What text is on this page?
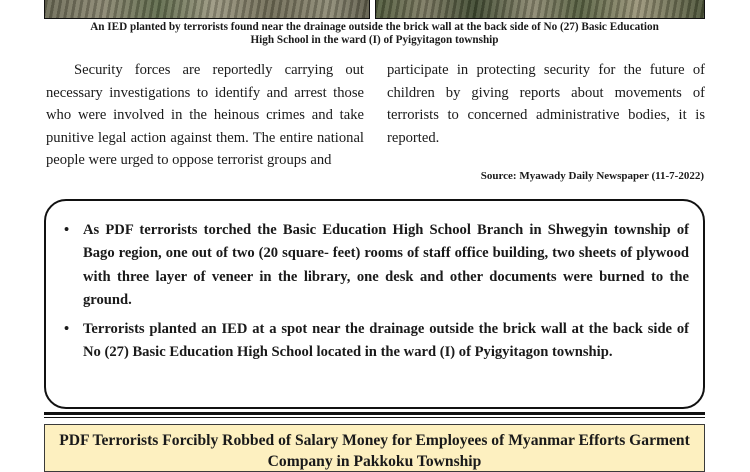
An IED planted by terrorists found near the drainage outside the brick wall at the back side of No (27) Basic Education
High School in the ward (I) of Pyigyitagon township

Security forces are reportedly carrying out necessary investigations to identify and arrest those who were involved in the heinous crimes and take punitive legal action against them. The entire national people were urged to oppose terrorist groups and

participate in protecting security for the future of children by giving reports about movements of terrorists to concerned administrative bodies, it is reported.

Source: Myawady Daily Newspaper (11-7-2022)
• As PDF terrorists torched the Basic Education High School Branch in Shwegyin township of Bago region, one out of two (20 square- feet) rooms of staff office building, two sheets of plywood with three layer of veneer in the library, one desk and other documents were burned to the ground.
• Terrorists planted an IED at a spot near the drainage outside the brick wall at the back side of No (27) Basic Education High School located in the ward (I) of Pyigyitagon township.
PDF Terrorists Forcibly Robbed of Salary Money for Employees of Myanmar Efforts Garment Company in Pakkoku Township
